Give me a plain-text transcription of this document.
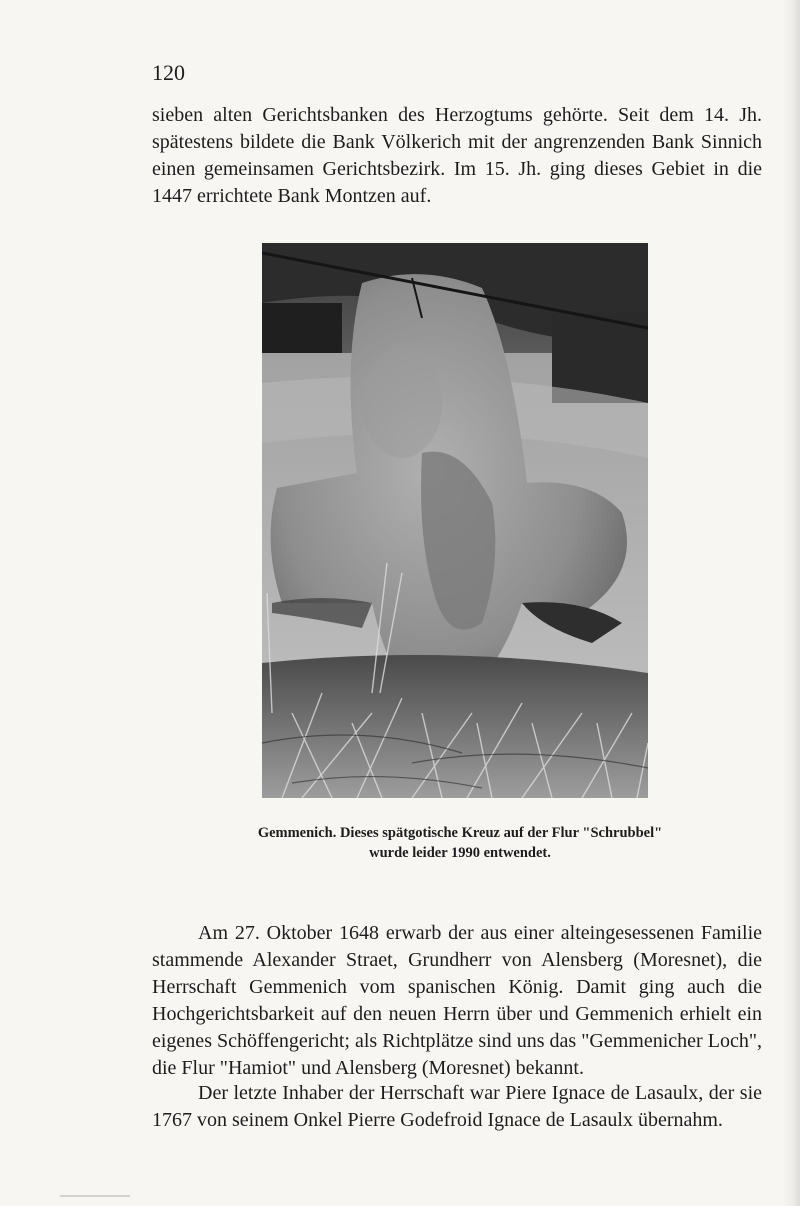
120

sieben alten Gerichtsbanken des Herzogtums gehörte. Seit dem 14. Jh. spätestens bildete die Bank Völkerich mit der angrenzenden Bank Sinnich einen gemeinsamen Gerichtsbezirk. Im 15. Jh. ging dieses Gebiet in die 1447 errichtete Bank Montzen auf.

Gemmenich. Dieses spätgotische Kreuz auf der Flur "Schrubbel"
wurde leider 1990 entwendet.

Am 27. Oktober 1648 erwarb der aus einer alteingesessenen Familie stammende Alexander Straet, Grundherr von Alensberg (Moresnet), die Herrschaft Gemmenich vom spanischen König. Damit ging auch die Hochgerichtsbarkeit auf den neuen Herrn über und Gemmenich erhielt ein eigenes Schöffengericht; als Richtplätze sind uns das "Gemmenicher Loch", die Flur "Hamiot" und Alensberg (Moresnet) bekannt.

Der letzte Inhaber der Herrschaft war Piere Ignace de Lasaulx, der sie 1767 von seinem Onkel Pierre Godefroid Ignace de Lasaulx übernahm.
